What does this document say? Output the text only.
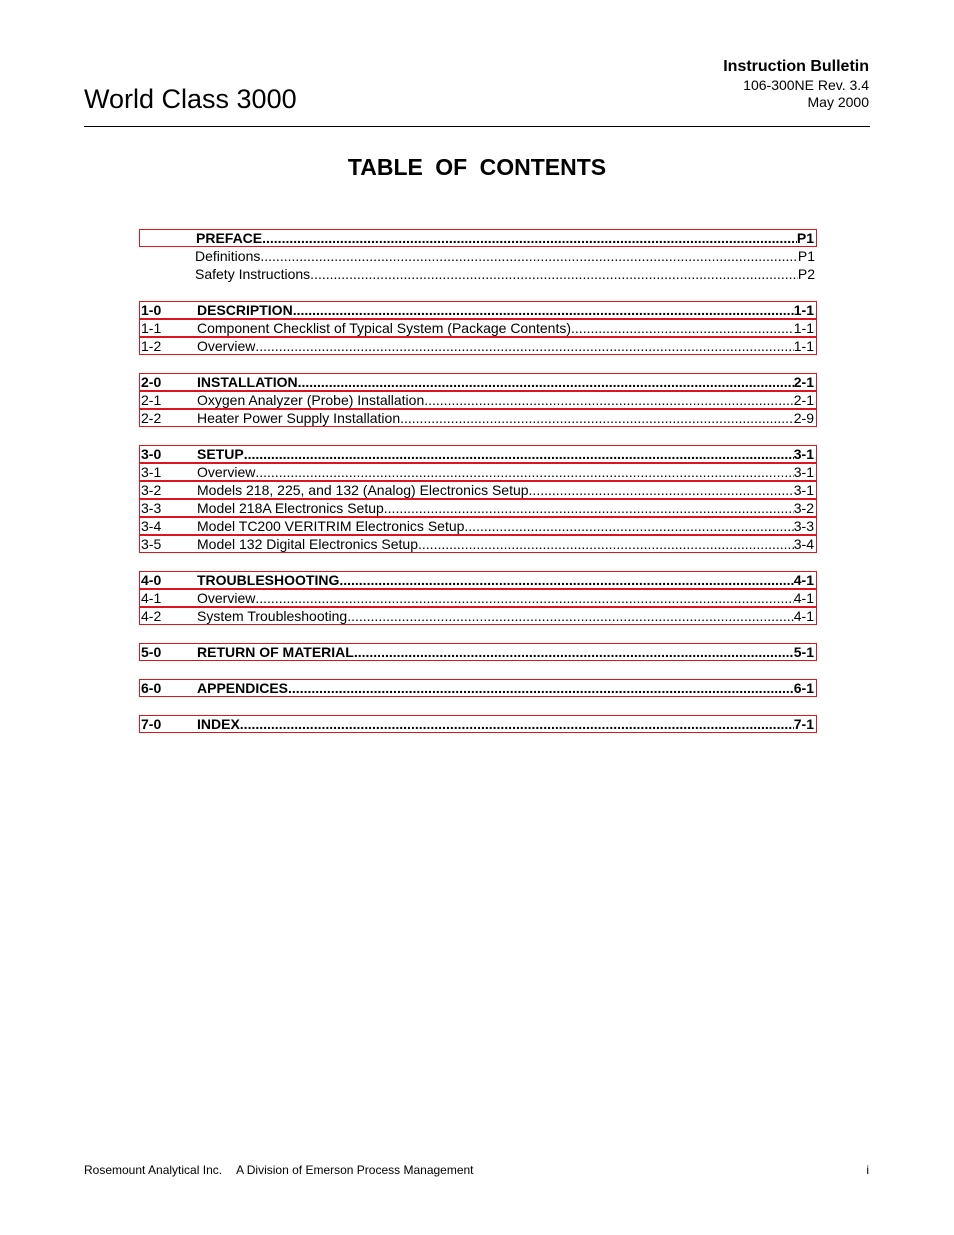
World Class 3000
Instruction Bulletin
106-300NE Rev. 3.4
May 2000
TABLE OF CONTENTS
PREFACE .....	P1
Definitions .....	P1
Safety Instructions .....	P2
1-0	DESCRIPTION .....	1-1
1-1	Component Checklist of Typical System (Package Contents) .....	1-1
1-2	Overview .....	1-1
2-0	INSTALLATION .....	2-1
2-1	Oxygen Analyzer (Probe) Installation .....	2-1
2-2	Heater Power Supply Installation .....	2-9
3-0	SETUP .....	3-1
3-1	Overview .....	3-1
3-2	Models 218, 225, and 132 (Analog) Electronics Setup .....	3-1
3-3	Model 218A Electronics Setup .....	3-2
3-4	Model TC200 VERITRIM Electronics Setup .....	3-3
3-5	Model 132 Digital Electronics Setup .....	3-4
4-0	TROUBLESHOOTING .....	4-1
4-1	Overview .....	4-1
4-2	System Troubleshooting .....	4-1
5-0	RETURN OF MATERIAL .....	5-1
6-0	APPENDICES .....	6-1
7-0	INDEX .....	7-1
Rosemount Analytical Inc. A Division of Emerson Process Management	i
